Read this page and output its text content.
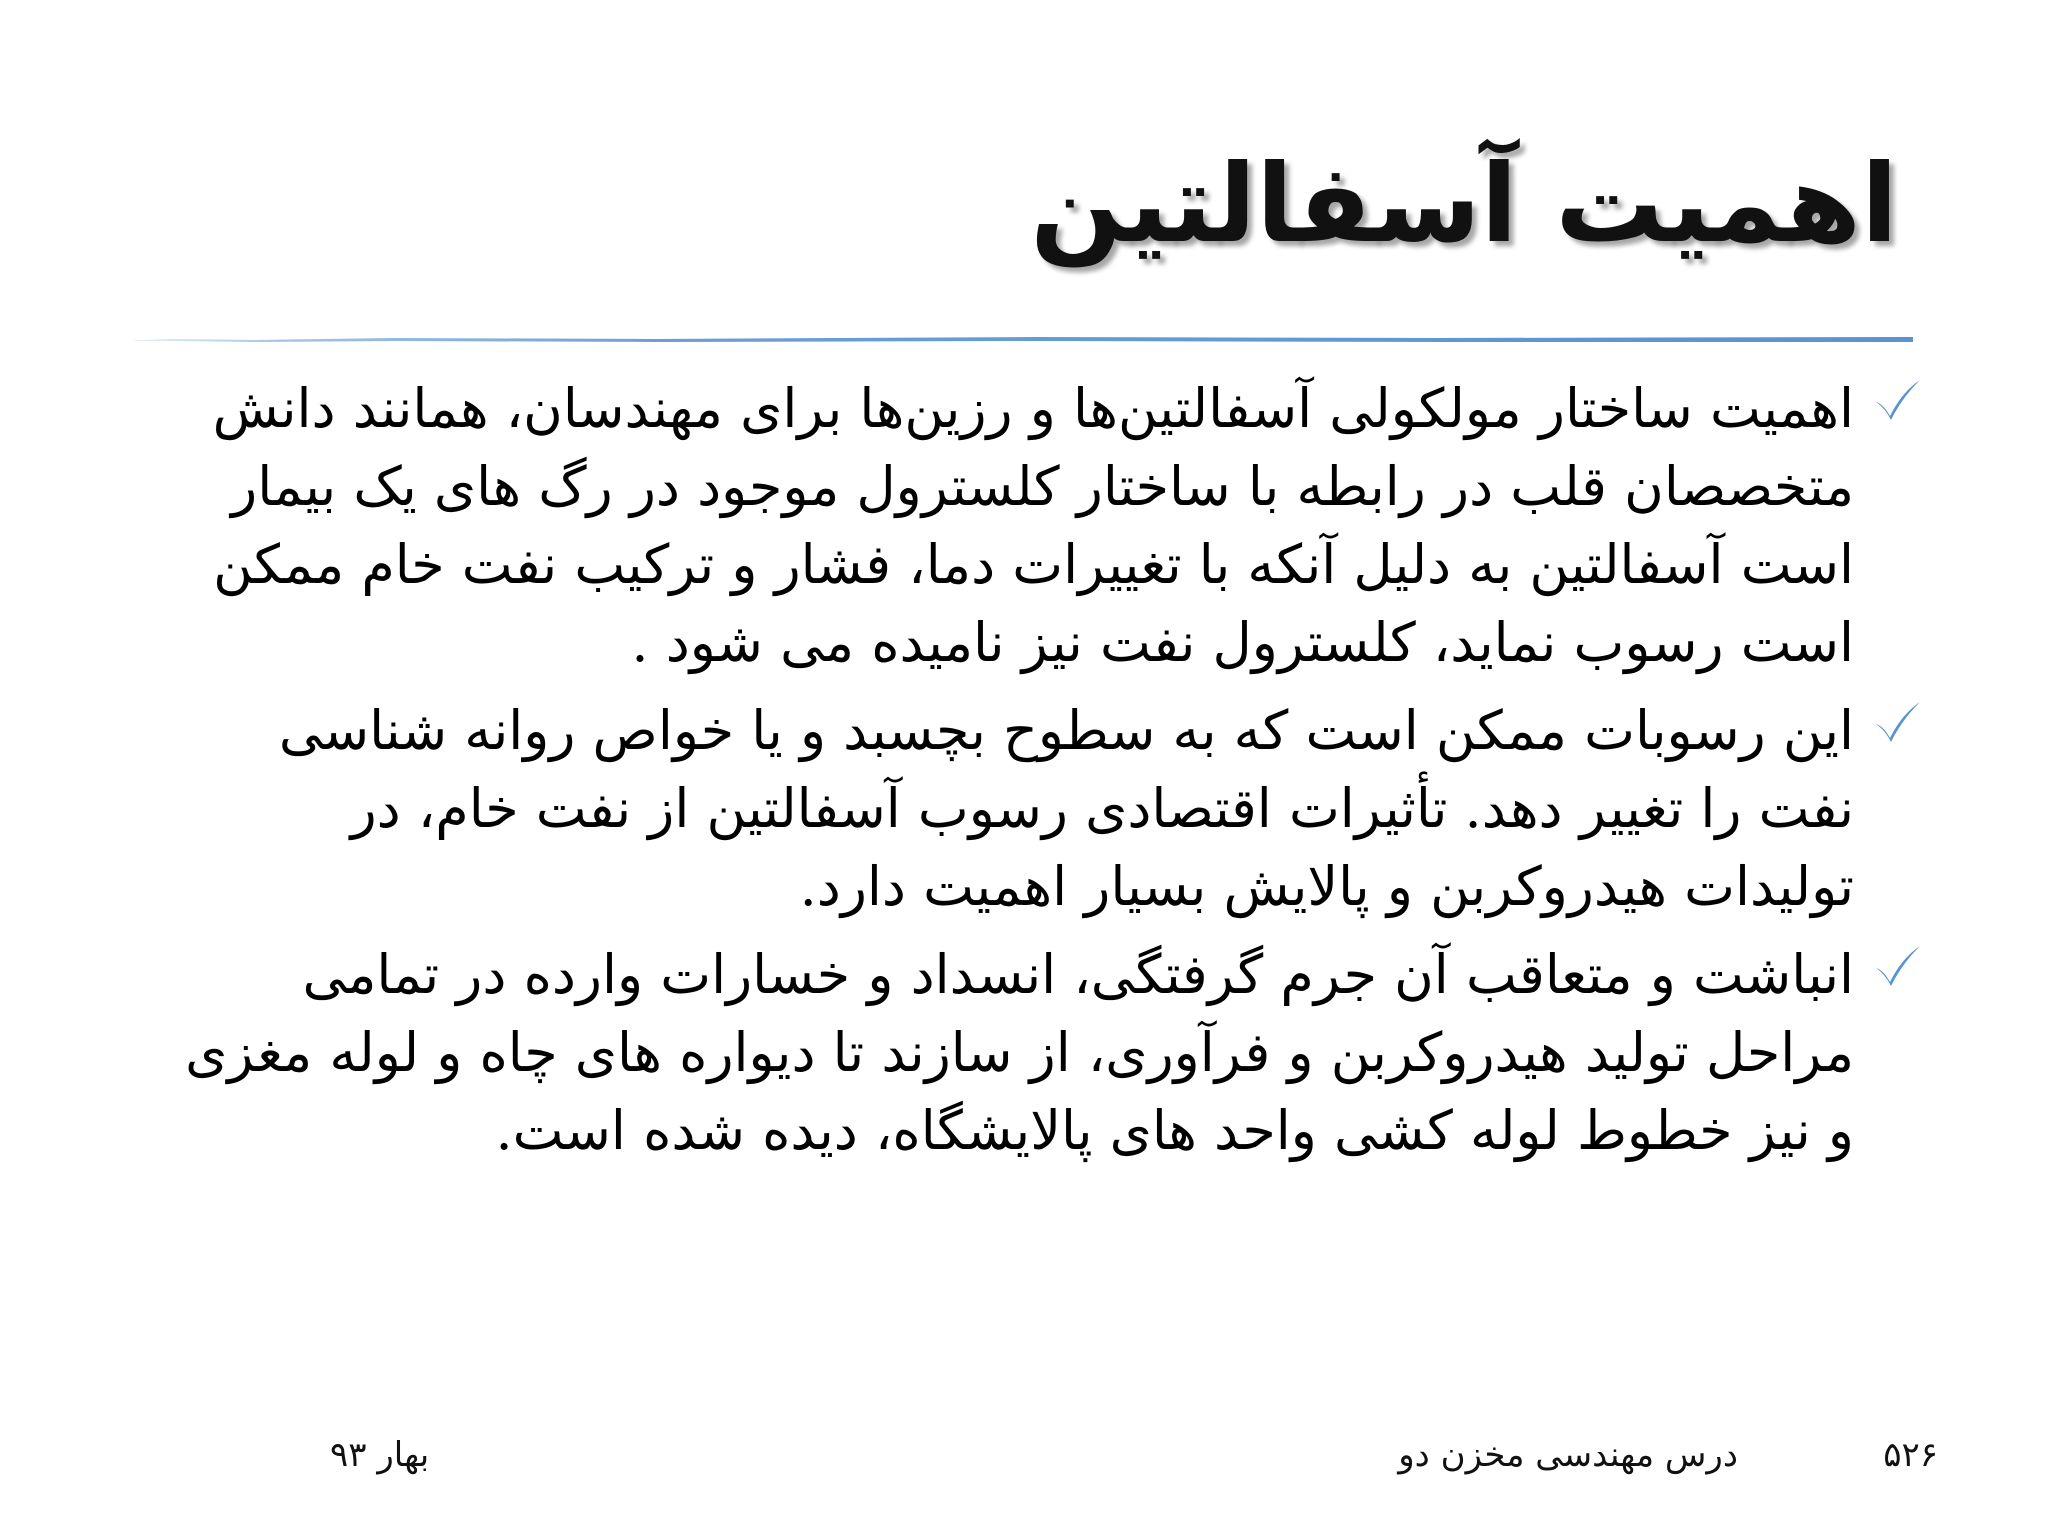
اهمیت آسفالتین
اهمیت ساختار مولکولی آسفالتین‌ها و رزین‌ها برای مهندسان، همانند دانش متخصصان قلب در رابطه با ساختار کلسترول موجود در رگ های یک بیمار است آسفالتین به دلیل آنکه با تغییرات دما، فشار و ترکیب نفت خام ممکن است رسوب نماید، کلسترول نفت نیز نامیده می شود .
این رسوبات ممکن است که به سطوح بچسبد و یا خواص روانه شناسی نفت را تغییر دهد. تأثیرات اقتصادی رسوب آسفالتین از نفت خام، در تولیدات هیدروکربن و پالایش بسیار اهمیت دارد.
انباشت و متعاقب آن جرم گرفتگی، انسداد و خسارات وارده در تمامی مراحل تولید هیدروکربن و فرآوری، از سازند تا دیواره های چاه و لوله مغزی و نیز خطوط لوله کشی واحد های پالایشگاه، دیده شده است.
۵۲۶
درس مهندسی مخزن دو
بهار ۹۳
